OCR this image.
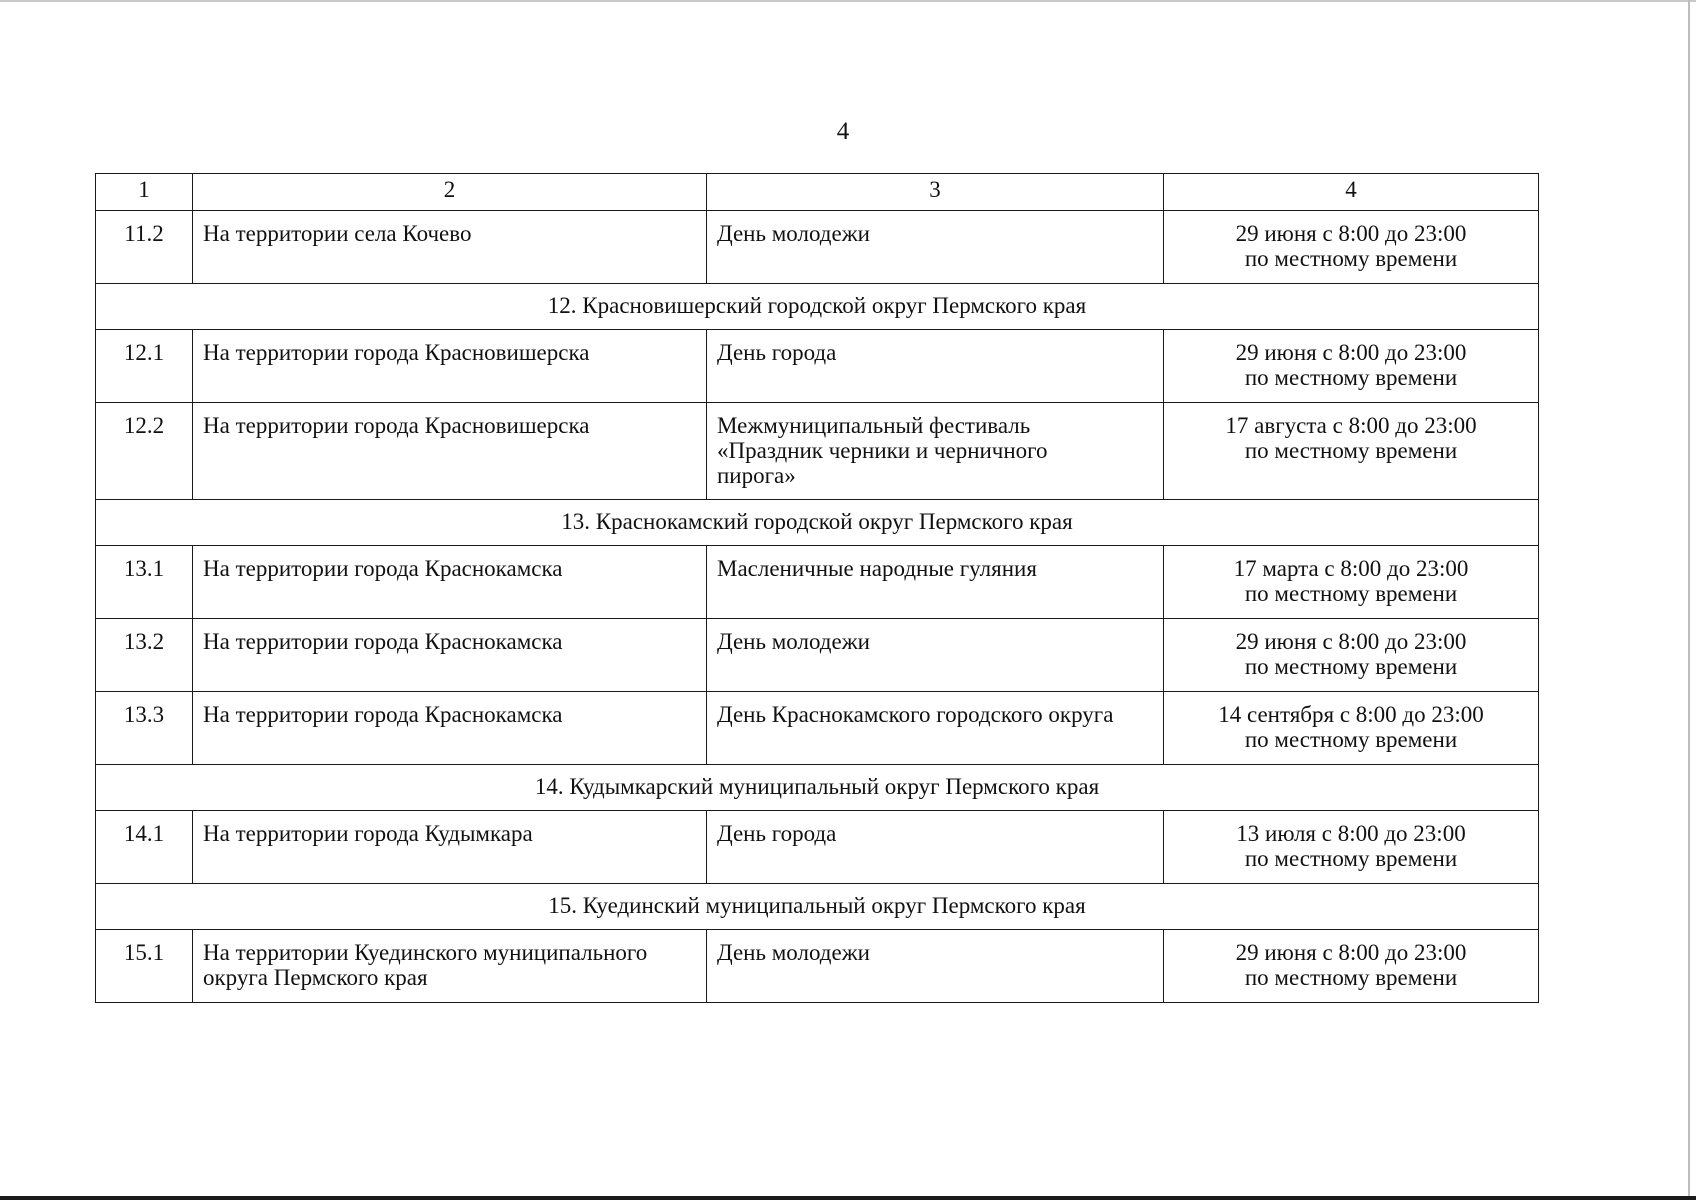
4
1	2	3	4
11.2	На территории села Кочево	День молодежи	29 июня с 8:00 до 23:00
по местному времени

12. Красновишерский городской округ Пермского края			
12.1	На территории города Красновишерска	День города	29 июня с 8:00 до 23:00
по местному времени

12.2	На территории города Красновишерска	Межмуниципальный фестиваль
«Праздник черники и черничного
пирога»	17 августа с 8:00 до 23:00
по местному времени

13. Краснокамский городской округ Пермского края			
13.1	На территории города Краснокамска	Масленичные народные гуляния	17 марта с 8:00 до 23:00
по местному времени

13.2	На территории города Краснокамска	День молодежи	29 июня с 8:00 до 23:00
по местному времени

13.3	На территории города Краснокамска	День Краснокамского городского округа	14 сентября с 8:00 до 23:00
по местному времени

14. Кудымкарский муниципальный округ Пермского края			
14.1	На территории города Кудымкара	День города	13 июля с 8:00 до 23:00
по местному времени

15. Куединский муниципальный округ Пермского края			
15.1	На территории Куединского муниципального
округа Пермского края	День молодежи	29 июня с 8:00 до 23:00
по местному времени
